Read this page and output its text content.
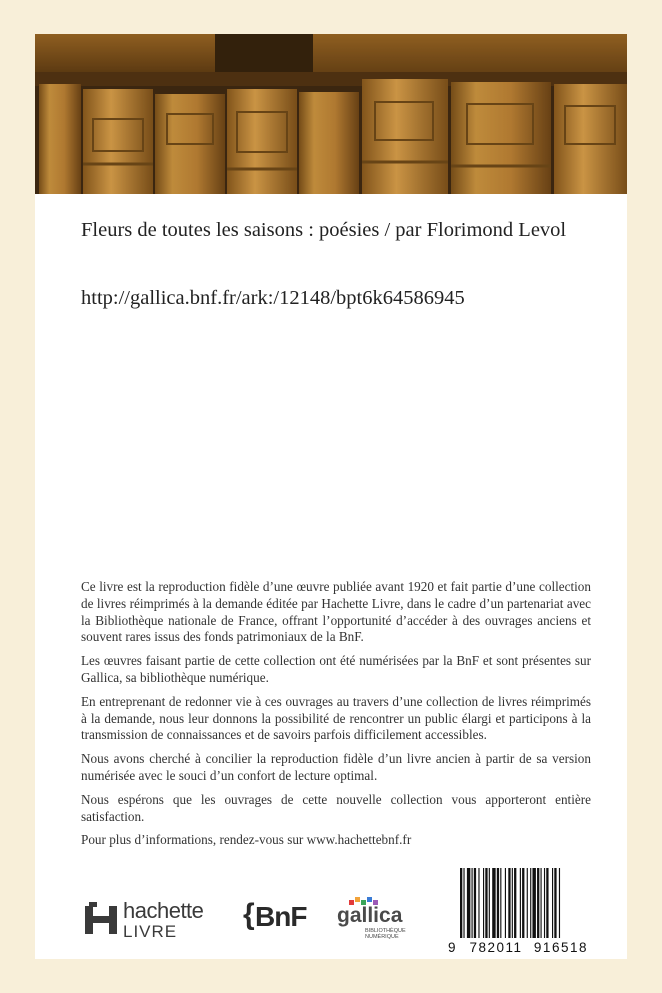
Fleurs de toutes les saisons : poésies / par Florimond Levol
http://gallica.bnf.fr/ark:/12148/bpt6k64586945

Ce livre est la reproduction fidèle d’une œuvre publiée avant 1920 et fait partie d’une collection de livres réimprimés à la demande éditée par Hachette Livre, dans le cadre d’un partenariat avec la Bibliothèque nationale de France, offrant l’opportunité d’accéder à des ouvrages anciens et souvent rares issus des fonds patrimoniaux de la BnF.

Les œuvres faisant partie de cette collection ont été numérisées par la BnF et sont présentes sur Gallica, sa bibliothèque numérique.

En entreprenant de redonner vie à ces ouvrages au travers d’une collection de livres réimprimés à la demande, nous leur donnons la possibilité de rencontrer un public élargi et participons à la transmission de connaissances et de savoirs parfois difficilement accessibles.

Nous avons cherché à concilier la reproduction fidèle d’un livre ancien à partir de sa version numérisée avec le souci d’un confort de lecture optimal.

Nous espérons que les ouvrages de cette nouvelle collection vous apporteront entière satisfaction.

Pour plus d’informations, rendez-vous sur www.hachettebnf.fr

hachette
LIVRE
{ BnF gallica
BIBLIOTHÈQUE
NUMÉRIQUE
9 782011 916518
